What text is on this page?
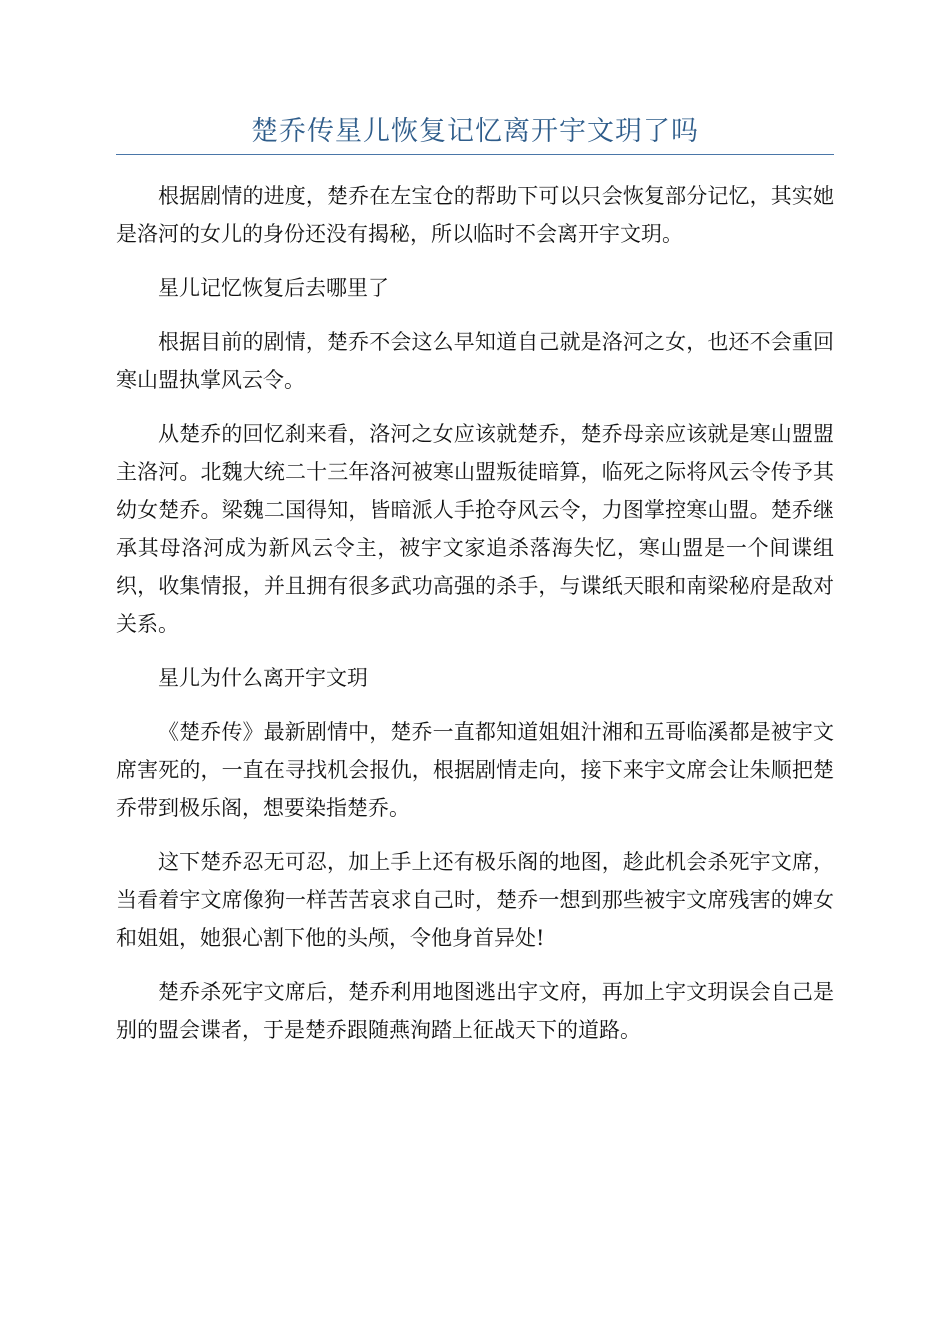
楚乔传星儿恢复记忆离开宇文玥了吗

根据剧情的进度，楚乔在左宝仓的帮助下可以只会恢复部分记忆，其实她是洛河的女儿的身份还没有揭秘，所以临时不会离开宇文玥。

星儿记忆恢复后去哪里了

根据目前的剧情，楚乔不会这么早知道自己就是洛河之女，也还不会重回寒山盟执掌风云令。

从楚乔的回忆刹来看，洛河之女应该就楚乔，楚乔母亲应该就是寒山盟盟主洛河。北魏大统二十三年洛河被寒山盟叛徒暗算，临死之际将风云令传予其幼女楚乔。梁魏二国得知，皆暗派人手抢夺风云令，力图掌控寒山盟。楚乔继承其母洛河成为新风云令主，被宇文家追杀落海失忆，寒山盟是一个间谍组织，收集情报，并且拥有很多武功高强的杀手，与谍纸天眼和南梁秘府是敌对关系。

星儿为什么离开宇文玥

《楚乔传》最新剧情中，楚乔一直都知道姐姐汁湘和五哥临溪都是被宇文席害死的，一直在寻找机会报仇，根据剧情走向，接下来宇文席会让朱顺把楚乔带到极乐阁，想要染指楚乔。

这下楚乔忍无可忍，加上手上还有极乐阁的地图，趁此机会杀死宇文席，当看着宇文席像狗一样苦苦哀求自己时，楚乔一想到那些被宇文席残害的婢女和姐姐，她狠心割下他的头颅，令他身首异处!

楚乔杀死宇文席后，楚乔利用地图逃出宇文府，再加上宇文玥误会自己是别的盟会谍者，于是楚乔跟随燕洵踏上征战天下的道路。
